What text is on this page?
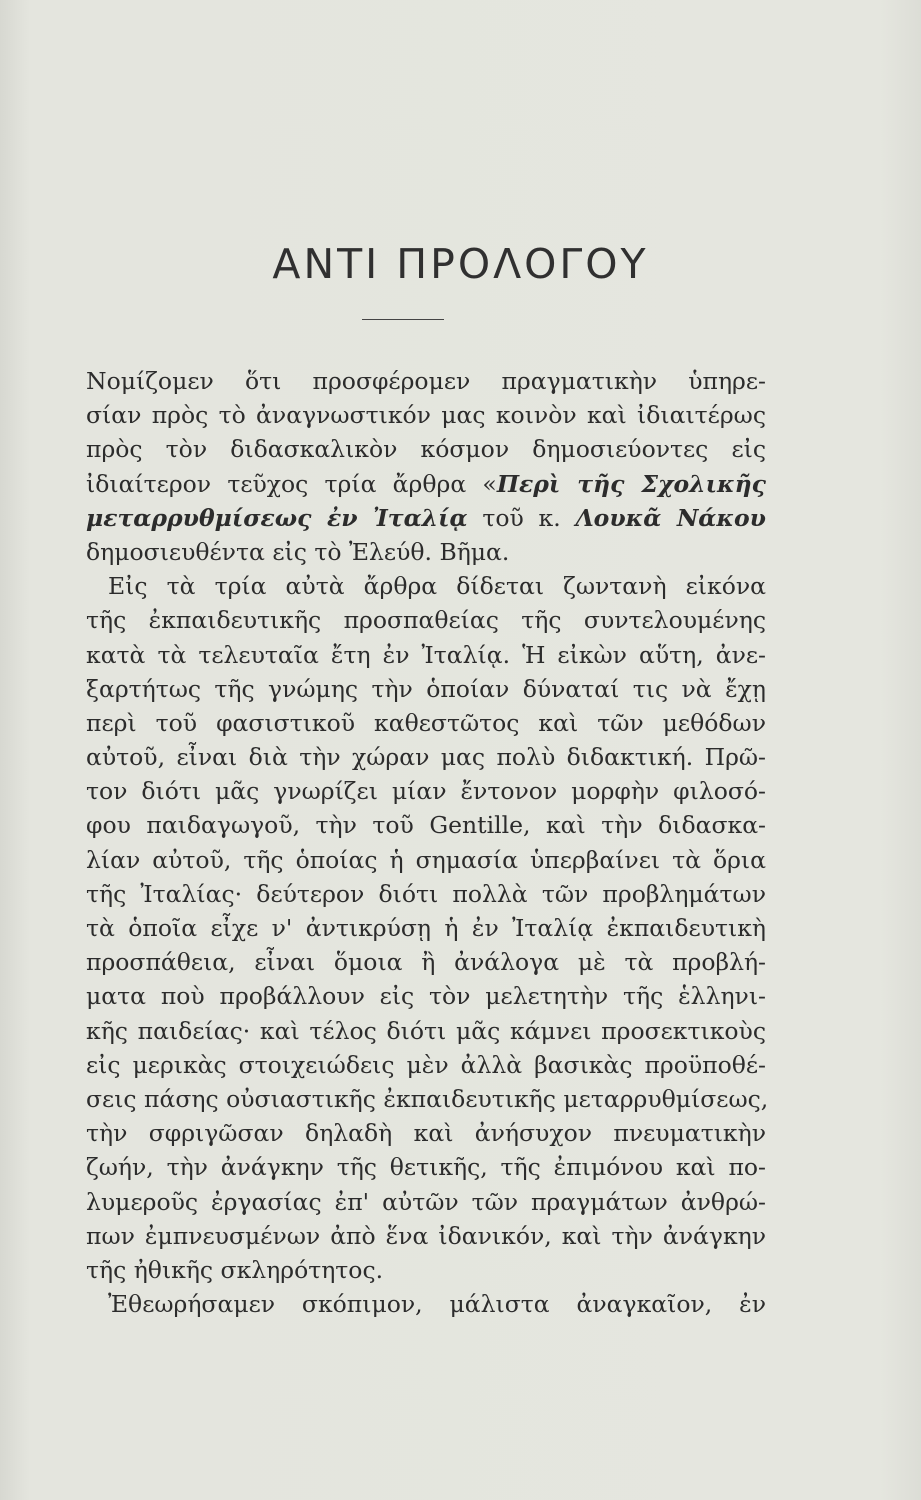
ΑΝΤΙ ΠΡΟΛΟΓΟΥ
Νομίζομεν ὅτι προσφέρομεν πραγματικὴν ὑπηρε-
σίαν πρὸς τὸ ἀναγνωστικόν μας κοινὸν καὶ ἰδιαιτέρως
πρὸς τὸν διδασκαλικὸν κόσμον δημοσιεύοντες εἰς
ἰδιαίτερον τεῦχος τρία ἄρθρα «Περὶ τῆς Σχολικῆς
μεταρρυθμίσεως ἐν Ἰταλίᾳ τοῦ κ. Λουκᾶ Νάκου
δημοσιευθέντα εἰς τὸ Ἐλεύθ. Βῆμα.
Εἰς τὰ τρία αὐτὰ ἄρθρα δίδεται ζωντανὴ εἰκόνα
τῆς ἐκπαιδευτικῆς προσπαθείας τῆς συντελουμένης
κατὰ τὰ τελευταῖα ἔτη ἐν Ἰταλίᾳ. Ἡ εἰκὼν αὕτη, ἀνε-
ξαρτήτως τῆς γνώμης τὴν ὁποίαν δύναταί τις νὰ ἔχῃ
περὶ τοῦ φασιστικοῦ καθεστῶτος καὶ τῶν μεθόδων
αὐτοῦ, εἶναι διὰ τὴν χώραν μας πολὺ διδακτική. Πρῶ-
τον διότι μᾶς γνωρίζει μίαν ἔντονον μορφὴν φιλοσό-
φου παιδαγωγοῦ, τὴν τοῦ Gentille, καὶ τὴν διδασκα-
λίαν αὐτοῦ, τῆς ὁποίας ἡ σημασία ὑπερβαίνει τὰ ὅρια
τῆς Ἰταλίας· δεύτερον διότι πολλὰ τῶν προβλημάτων
τὰ ὁποῖα εἶχε ν' ἀντικρύσῃ ἡ ἐν Ἰταλίᾳ ἐκπαιδευτικὴ
προσπάθεια, εἶναι ὅμοια ἢ ἀνάλογα μὲ τὰ προβλή-
ματα ποὺ προβάλλουν εἰς τὸν μελετητὴν τῆς ἑλληνι-
κῆς παιδείας· καὶ τέλος διότι μᾶς κάμνει προσεκτικοὺς
εἰς μερικὰς στοιχειώδεις μὲν ἀλλὰ βασικὰς προϋποθέ-
σεις πάσης οὐσιαστικῆς ἐκπαιδευτικῆς μεταρρυθμίσεως,
τὴν σφριγῶσαν δηλαδὴ καὶ ἀνήσυχον πνευματικὴν
ζωήν, τὴν ἀνάγκην τῆς θετικῆς, τῆς ἐπιμόνου καὶ πο-
λυμεροῦς ἐργασίας ἐπ' αὐτῶν τῶν πραγμάτων ἀνθρώ-
πων ἐμπνευσμένων ἀπὸ ἕνα ἰδανικόν, καὶ τὴν ἀνάγκην
τῆς ἠθικῆς σκληρότητος.
Ἐθεωρήσαμεν σκόπιμον, μάλιστα ἀναγκαῖον, ἐν
